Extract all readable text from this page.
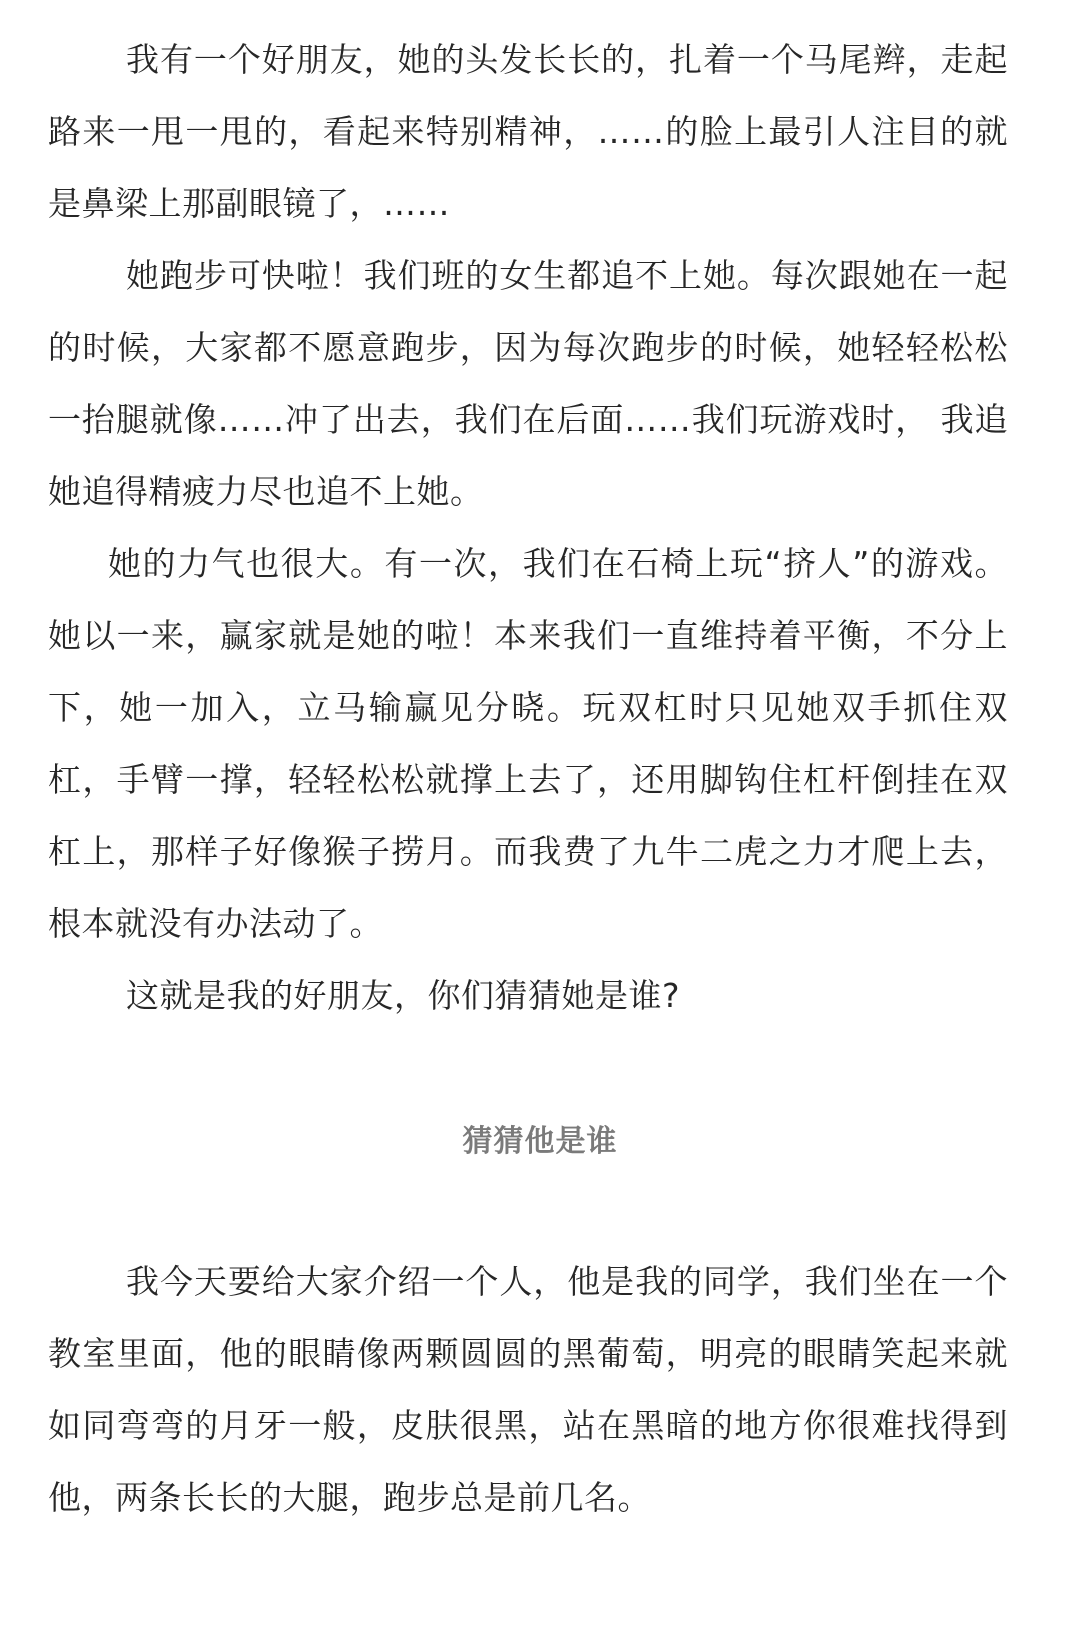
我有一个好朋友，她的头发长长的，扎着一个马尾辫，走起路来一甩一甩的，看起来特别精神，……的脸上最引人注目的就是鼻梁上那副眼镜了，……

她跑步可快啦！我们班的女生都追不上她。每次跟她在一起的时候，大家都不愿意跑步，因为每次跑步的时候，她轻轻松松一抬腿就像……冲了出去，我们在后面……我们玩游戏时， 我追她追得精疲力尽也追不上她。

她的力气也很大。有一次，我们在石椅上玩“挤人”的游戏。她以一来，赢家就是她的啦！本来我们一直维持着平衡，不分上下，她一加入，立马输赢见分晓。玩双杠时只见她双手抓住双杠，手臂一撑，轻轻松松就撑上去了，还用脚钩住杠杆倒挂在双杠上，那样子好像猴子捞月。而我费了九牛二虎之力才爬上去，根本就没有办法动了。

这就是我的好朋友，你们猜猜她是谁?

猜猜他是谁

我今天要给大家介绍一个人，他是我的同学，我们坐在一个教室里面，他的眼睛像两颗圆圆的黑葡萄，明亮的眼睛笑起来就如同弯弯的月牙一般，皮肤很黑，站在黑暗的地方你很难找得到他，两条长长的大腿，跑步总是前几名。
